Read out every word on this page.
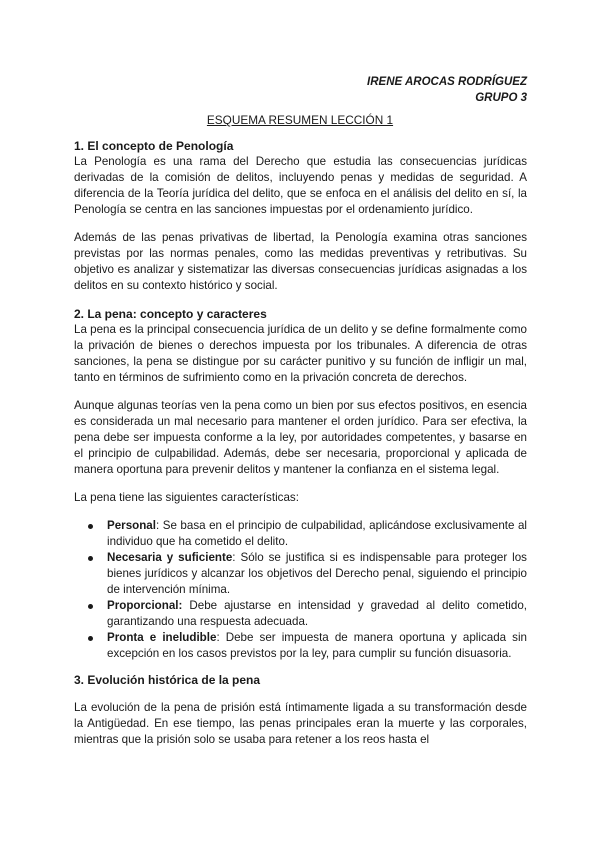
IRENE AROCAS RODRÍGUEZ
GRUPO 3
ESQUEMA RESUMEN LECCIÓN 1
1. El concepto de Penología

La Penología es una rama del Derecho que estudia las consecuencias jurídicas derivadas de la comisión de delitos, incluyendo penas y medidas de seguridad. A diferencia de la Teoría jurídica del delito, que se enfoca en el análisis del delito en sí, la Penología se centra en las sanciones impuestas por el ordenamiento jurídico.

Además de las penas privativas de libertad, la Penología examina otras sanciones previstas por las normas penales, como las medidas preventivas y retributivas. Su objetivo es analizar y sistematizar las diversas consecuencias jurídicas asignadas a los delitos en su contexto histórico y social.

2. La pena: concepto y caracteres

La pena es la principal consecuencia jurídica de un delito y se define formalmente como la privación de bienes o derechos impuesta por los tribunales. A diferencia de otras sanciones, la pena se distingue por su carácter punitivo y su función de infligir un mal, tanto en términos de sufrimiento como en la privación concreta de derechos.

Aunque algunas teorías ven la pena como un bien por sus efectos positivos, en esencia es considerada un mal necesario para mantener el orden jurídico. Para ser efectiva, la pena debe ser impuesta conforme a la ley, por autoridades competentes, y basarse en el principio de culpabilidad. Además, debe ser necesaria, proporcional y aplicada de manera oportuna para prevenir delitos y mantener la confianza en el sistema legal.

La pena tiene las siguientes características:

Personal: Se basa en el principio de culpabilidad, aplicándose exclusivamente al individuo que ha cometido el delito.
Necesaria y suficiente: Sólo se justifica si es indispensable para proteger los bienes jurídicos y alcanzar los objetivos del Derecho penal, siguiendo el principio de intervención mínima.
Proporcional: Debe ajustarse en intensidad y gravedad al delito cometido, garantizando una respuesta adecuada.
Pronta e ineludible: Debe ser impuesta de manera oportuna y aplicada sin excepción en los casos previstos por la ley, para cumplir su función disuasoria.
3. Evolución histórica de la pena

La evolución de la pena de prisión está íntimamente ligada a su transformación desde la Antigüedad. En ese tiempo, las penas principales eran la muerte y las corporales, mientras que la prisión solo se usaba para retener a los reos hasta el
